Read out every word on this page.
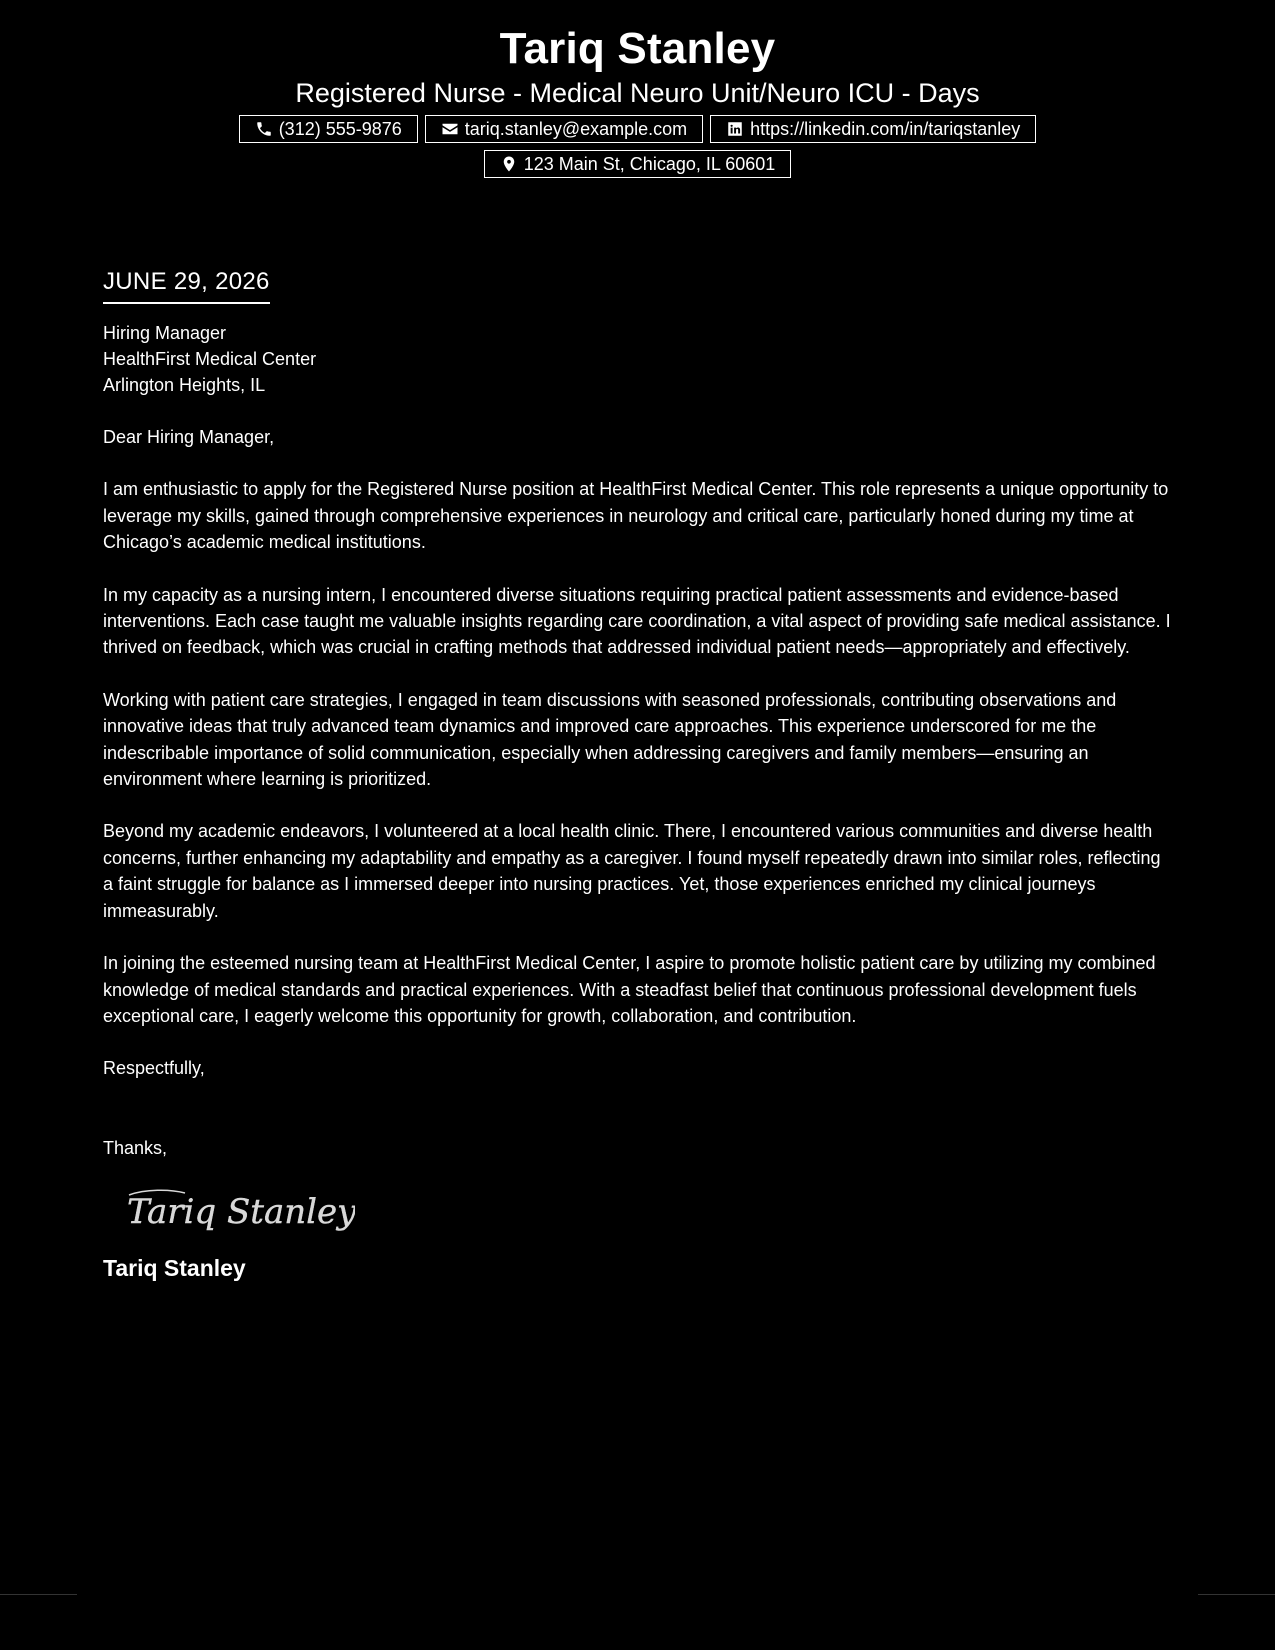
Tariq Stanley
Registered Nurse - Medical Neuro Unit/Neuro ICU - Days
(312) 555-9876	tariq.stanley@example.com	https://linkedin.com/in/tariqstanley
123 Main St, Chicago, IL 60601
JUNE 29, 2026
Hiring Manager
HealthFirst Medical Center
Arlington Heights, IL
Dear Hiring Manager,
I am enthusiastic to apply for the Registered Nurse position at HealthFirst Medical Center. This role represents a unique opportunity to leverage my skills, gained through comprehensive experiences in neurology and critical care, particularly honed during my time at Chicago’s academic medical institutions.
In my capacity as a nursing intern, I encountered diverse situations requiring practical patient assessments and evidence-based interventions. Each case taught me valuable insights regarding care coordination, a vital aspect of providing safe medical assistance. I thrived on feedback, which was crucial in crafting methods that addressed individual patient needs—appropriately and effectively.
Working with patient care strategies, I engaged in team discussions with seasoned professionals, contributing observations and innovative ideas that truly advanced team dynamics and improved care approaches. This experience underscored for me the indescribable importance of solid communication, especially when addressing caregivers and family members—ensuring an environment where learning is prioritized.
Beyond my academic endeavors, I volunteered at a local health clinic. There, I encountered various communities and diverse health concerns, further enhancing my adaptability and empathy as a caregiver. I found myself repeatedly drawn into similar roles, reflecting a faint struggle for balance as I immersed deeper into nursing practices. Yet, those experiences enriched my clinical journeys immeasurably.
In joining the esteemed nursing team at HealthFirst Medical Center, I aspire to promote holistic patient care by utilizing my combined knowledge of medical standards and practical experiences. With a steadfast belief that continuous professional development fuels exceptional care, I eagerly welcome this opportunity for growth, collaboration, and contribution.
Respectfully,
Thanks,
Tariq Stanley
Tariq Stanley
